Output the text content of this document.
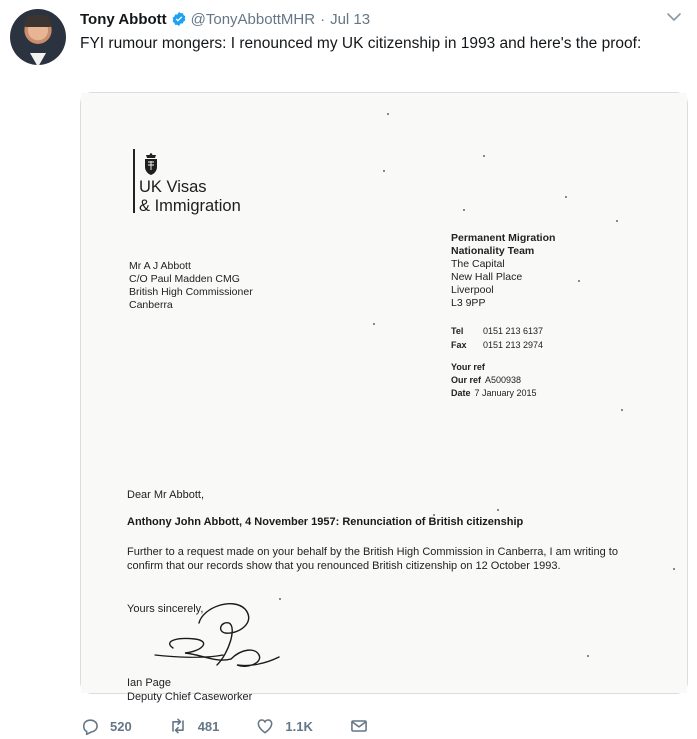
Tony Abbott @TonyAbbottMHR · Jul 13
FYI rumour mongers: I renounced my UK citizenship in 1993 and here's the proof:
UK Visas
& Immigration
Mr A J Abbott
C/O Paul Madden CMG
British High Commissioner
Canberra
Permanent Migration
Nationality Team
The Capital
New Hall Place
Liverpool
L3 9PP
Tel 0151 213 6137
Fax 0151 213 2974
Your ref
Our ref A500938
Date 7 January 2015
Dear Mr Abbott,
Anthony John Abbott, 4 November 1957: Renunciation of British citizenship
Further to a request made on your behalf by the British High Commission in Canberra, I am writing to confirm that our records show that you renounced British citizenship on 12 October 1993.
Yours sincerely,
Ian Page
Deputy Chief Caseworker
520	481	1.1K
